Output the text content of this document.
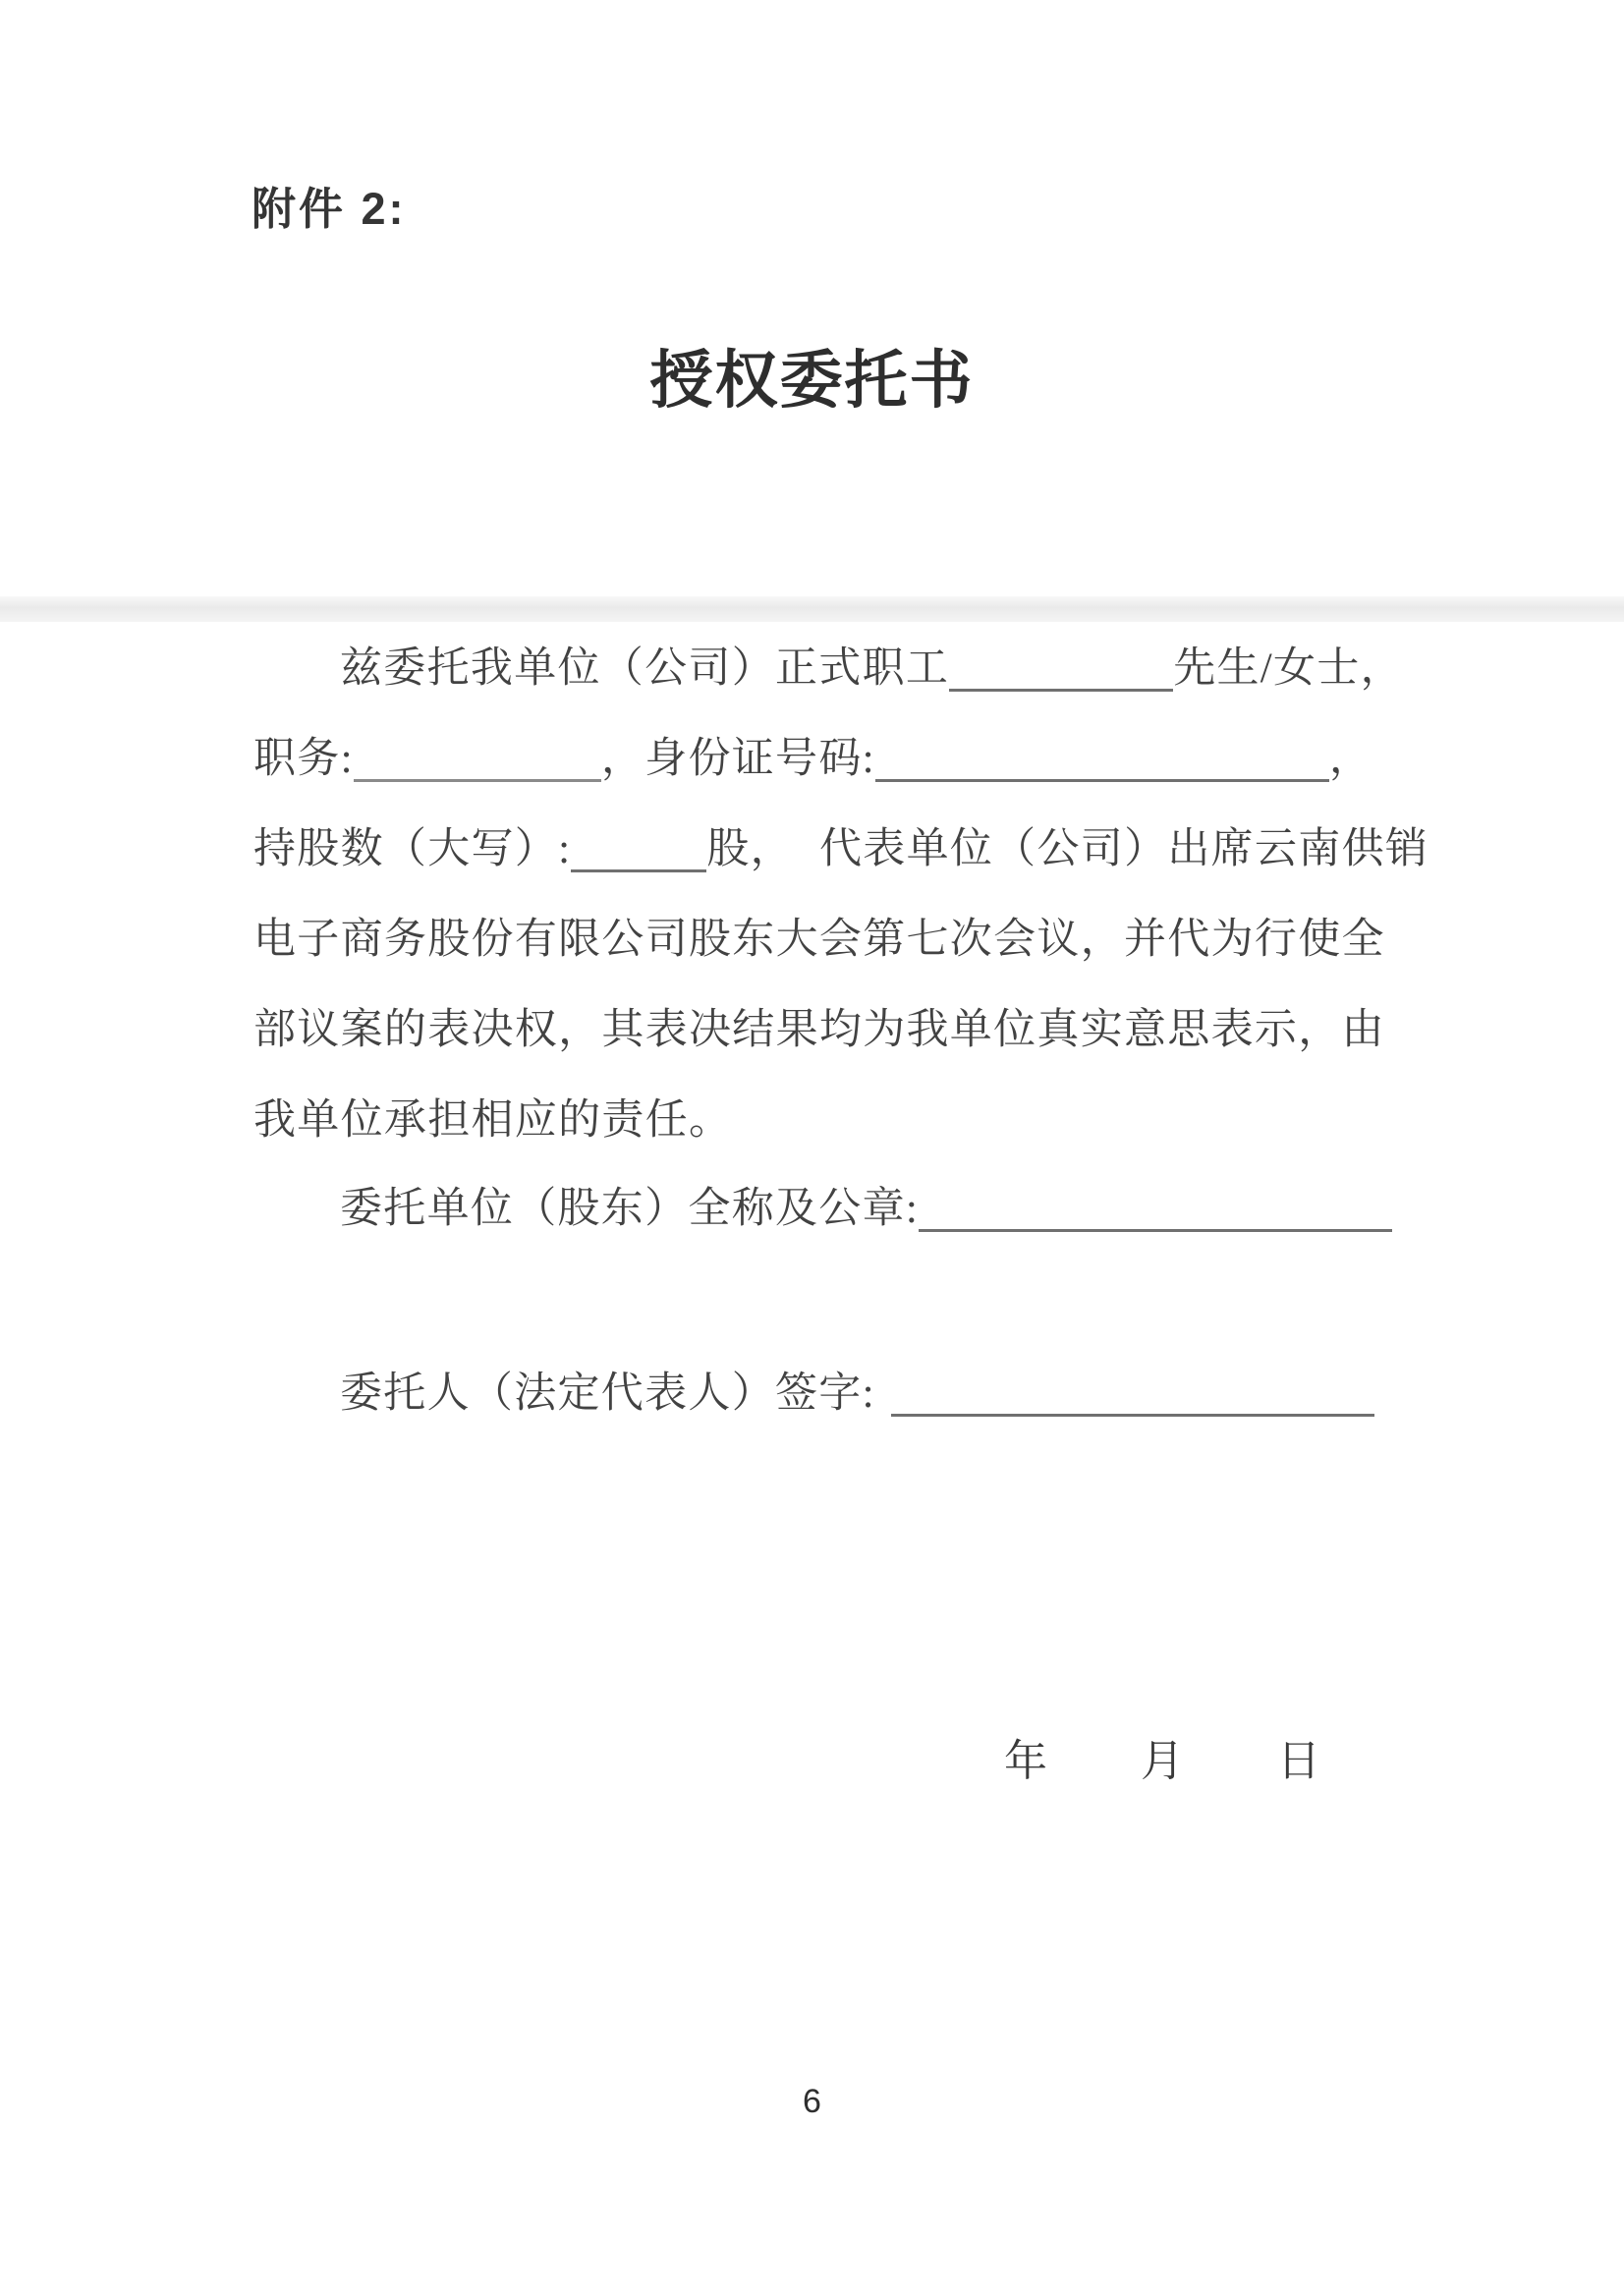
附件 2:
授权委托书
兹委托我单位（公司）正式职工	先生/女士，
职务:	，身份证号码:	，
持股数（大写）:	股， 代表单位（公司）出席云南供销
电子商务股份有限公司股东大会第七次会议，并代为行使全
部议案的表决权，其表决结果均为我单位真实意思表示，由
我单位承担相应的责任。
委托单位（股东）全称及公章:
委托人（法定代表人）签字:
年 月 日
6
